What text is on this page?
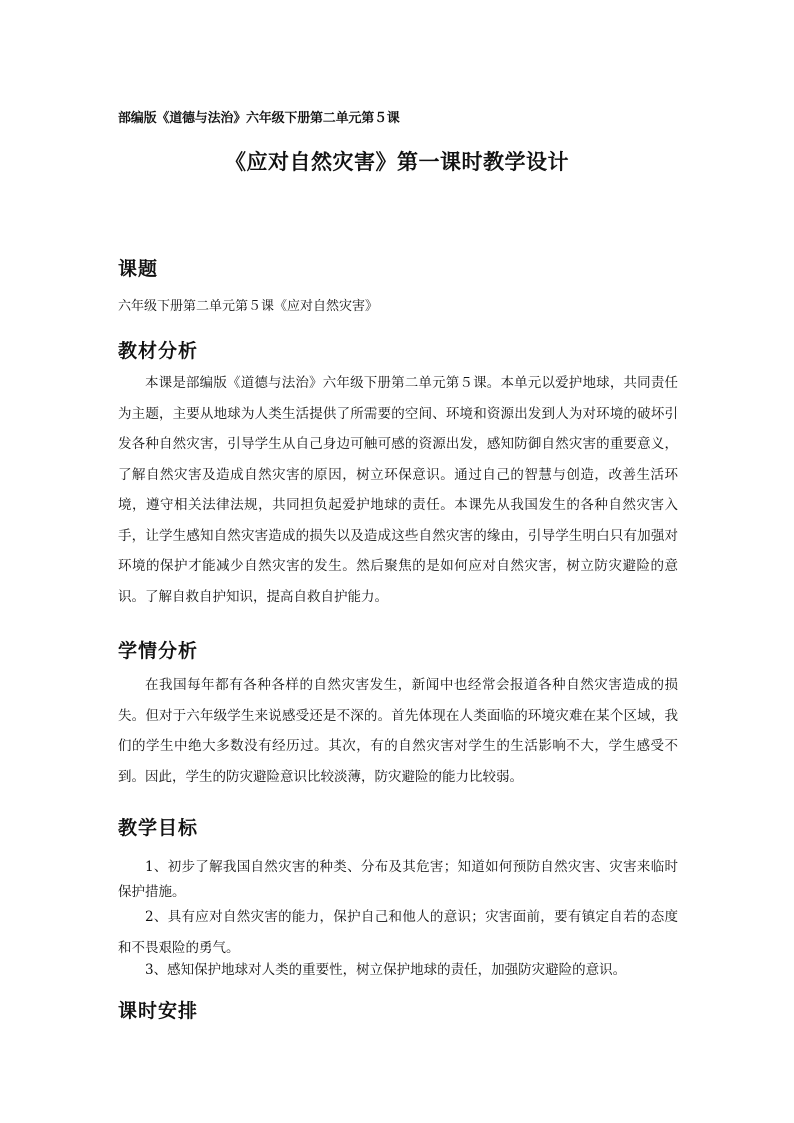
部编版《道德与法治》六年级下册第二单元第５课

《应对自然灾害》第一课时教学设计
课题

六年级下册第二单元第５课《应对自然灾害》

教材分析

本课是部编版《道德与法治》六年级下册第二单元第５课。本单元以爱护地球，共同责任为主题，主要从地球为人类生活提供了所需要的空间、环境和资源出发到人为对环境的破坏引发各种自然灾害，引导学生从自己身边可触可感的资源出发，感知防御自然灾害的重要意义，了解自然灾害及造成自然灾害的原因，树立环保意识。通过自己的智慧与创造，改善生活环境，遵守相关法律法规，共同担负起爱护地球的责任。本课先从我国发生的各种自然灾害入手，让学生感知自然灾害造成的损失以及造成这些自然灾害的缘由，引导学生明白只有加强对环境的保护才能减少自然灾害的发生。然后聚焦的是如何应对自然灾害，树立防灾避险的意识。了解自救自护知识，提高自救自护能力。

学情分析

在我国每年都有各种各样的自然灾害发生，新闻中也经常会报道各种自然灾害造成的损失。但对于六年级学生来说感受还是不深的。首先体现在人类面临的环境灾难在某个区域，我们的学生中绝大多数没有经历过。其次，有的自然灾害对学生的生活影响不大，学生感受不到。因此，学生的防灾避险意识比较淡薄，防灾避险的能力比较弱。

教学目标

1、初步了解我国自然灾害的种类、分布及其危害；知道如何预防自然灾害、灾害来临时保护措施。

2、具有应对自然灾害的能力，保护自己和他人的意识；灾害面前，要有镇定自若的态度和不畏艰险的勇气。

3、感知保护地球对人类的重要性，树立保护地球的责任，加强防灾避险的意识。

课时安排
